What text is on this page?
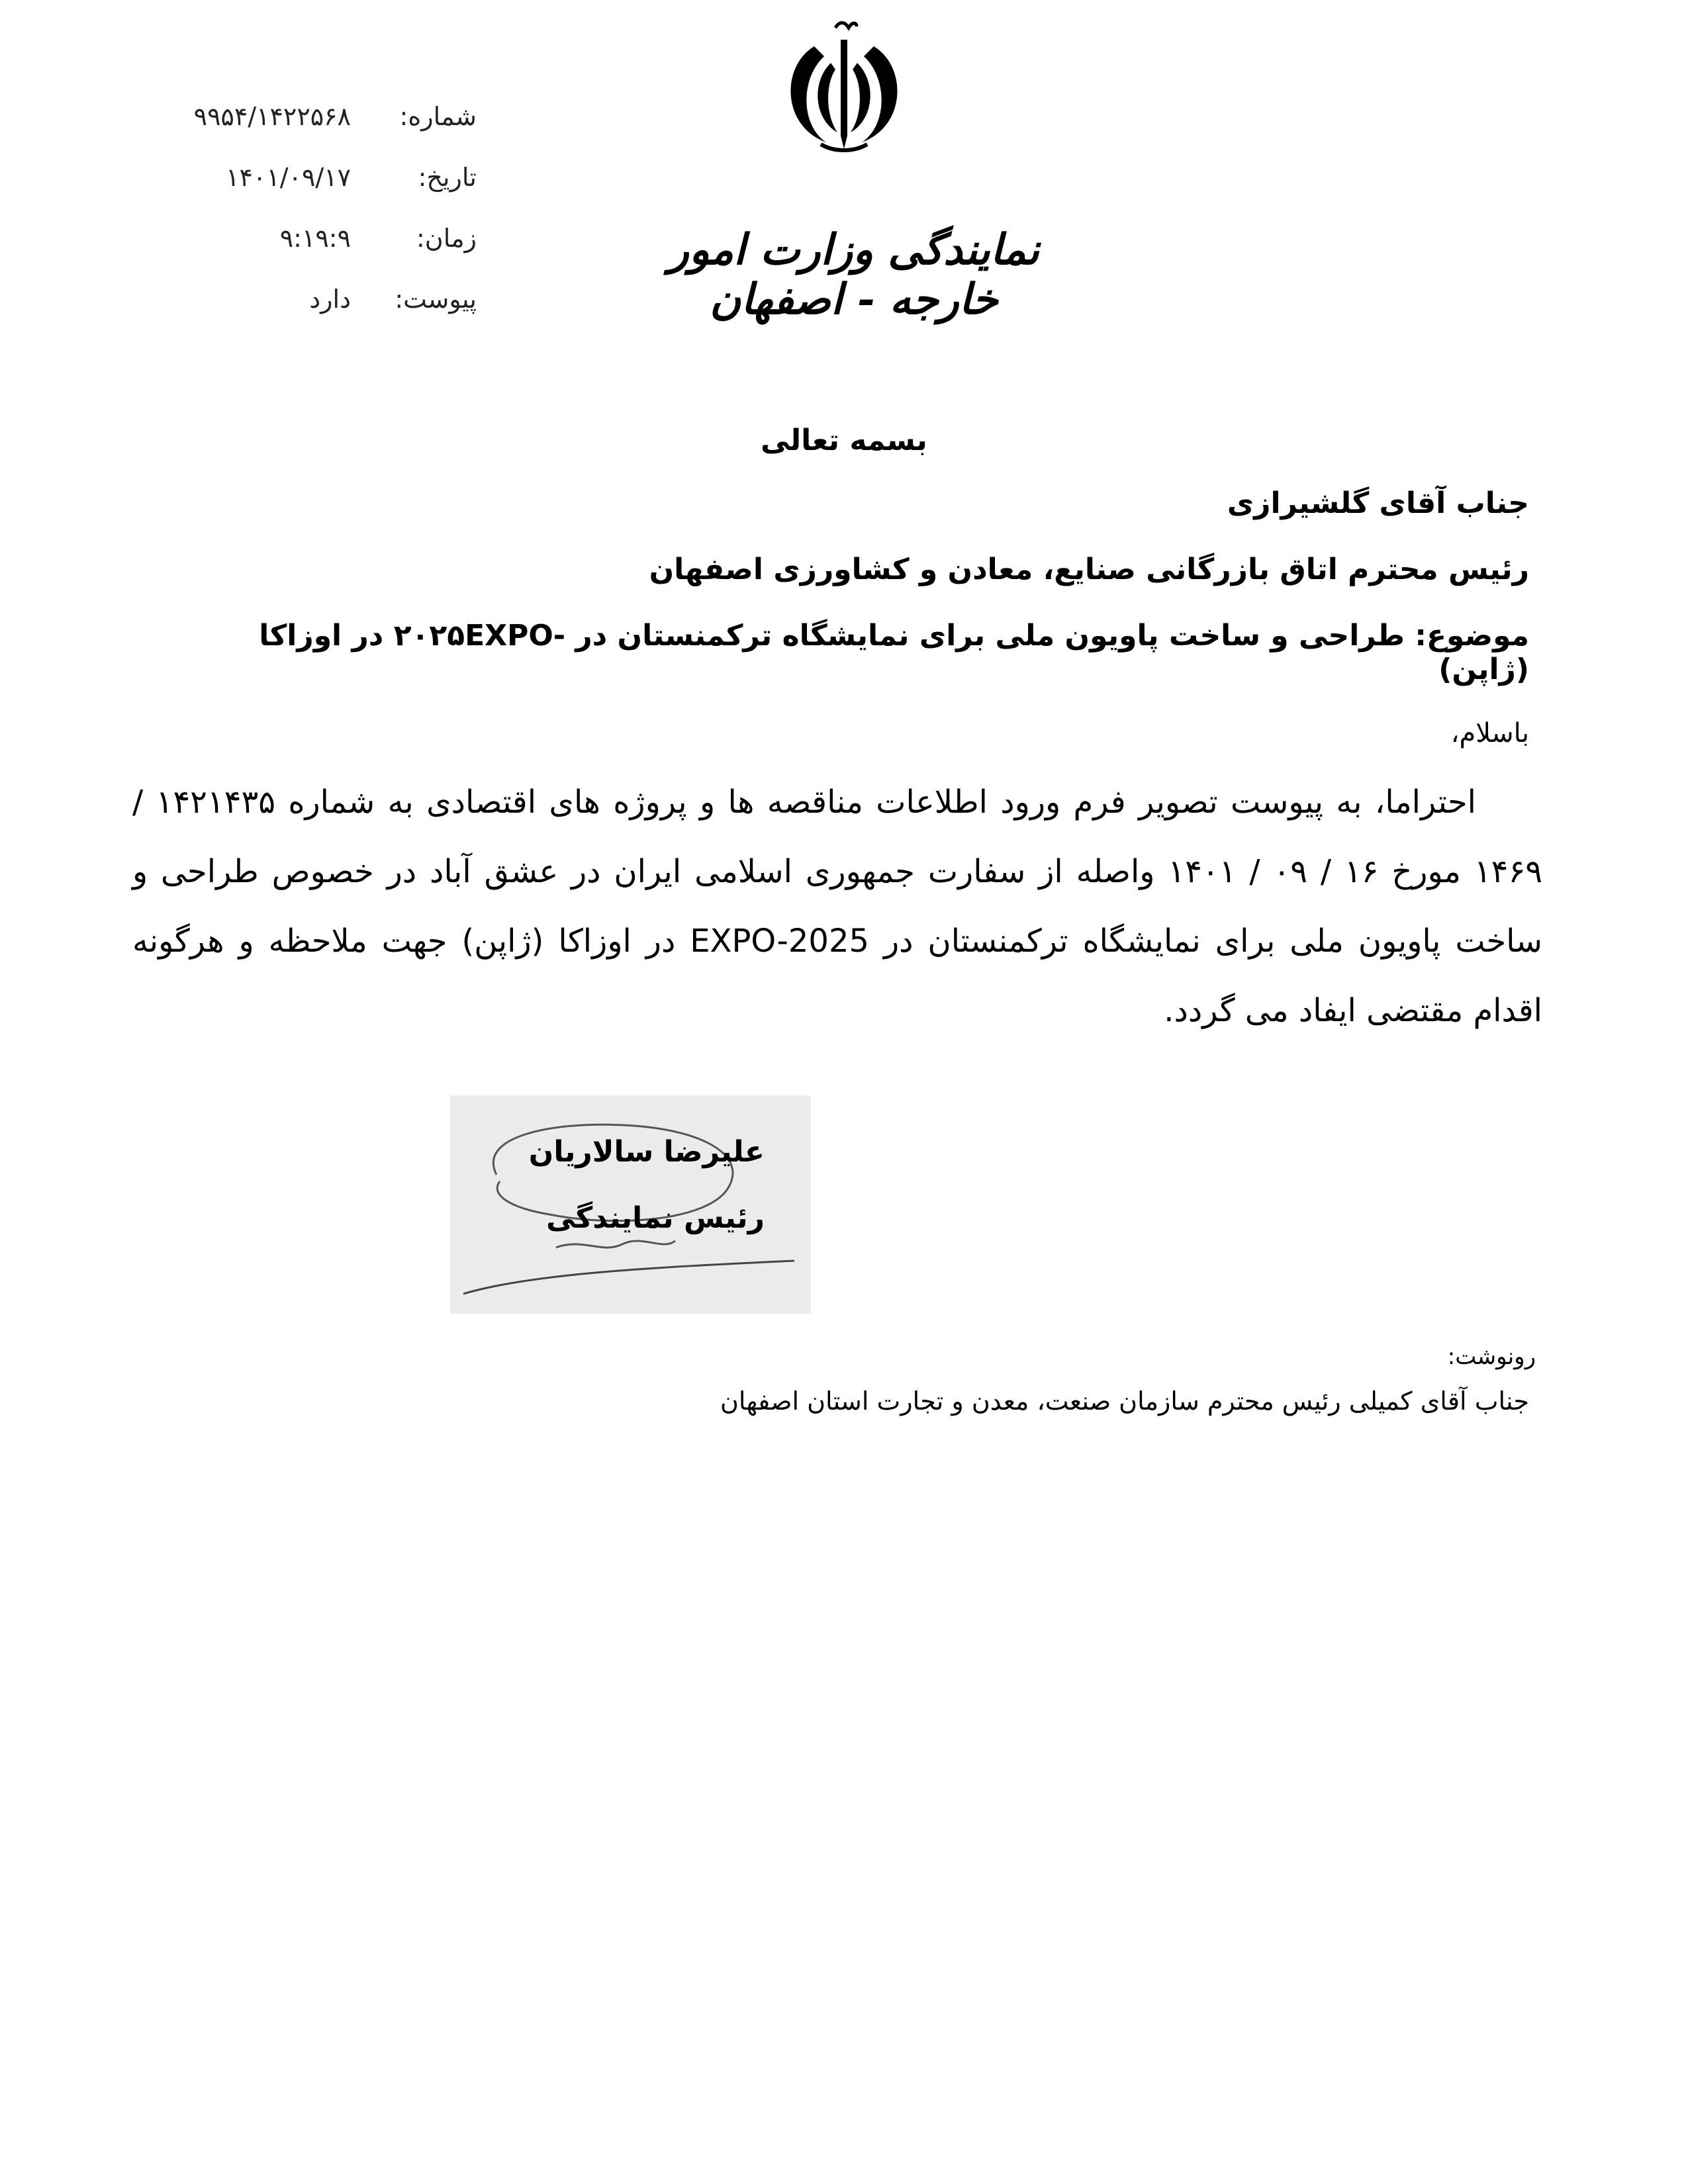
شماره:
۹۹۵۴/۱۴۲۲۵۶۸
تاریخ:
۱۴۰۱/۰۹/۱۷
زمان:
۹:۱۹:۹
پیوست:
دارد
نمایندگی وزارت امور خارجه - اصفهان
بسمه تعالی
جناب آقای گلشیرازی
رئیس محترم اتاق بازرگانی صنایع، معادن و کشاورزی اصفهان
موضوع: طراحی و ساخت پاویون ملی برای نمایشگاه ترکمنستان در -۲۰۲۵EXPO در اوزاکا (ژاپن)
باسلام،
احتراما، به پیوست تصویر فرم ورود اطلاعات مناقصه ها و پروژه های اقتصادی به شماره ۱۴۲۱۴۳۵ / ۱۴۶۹ مورخ ۱۶ / ۰۹ / ۱۴۰۱ واصله از سفارت جمهوری اسلامی ایران در عشق آباد در خصوص طراحی و ساخت پاویون ملی برای نمایشگاه ترکمنستان در EXPO-2025 در اوزاکا (ژاپن) جهت ملاحظه و هرگونه اقدام مقتضی ایفاد می گردد.
علیرضا سالاریان
رئیس نمایندگی
رونوشت:
جناب آقای کمیلی رئیس محترم سازمان صنعت، معدن و تجارت استان اصفهان
